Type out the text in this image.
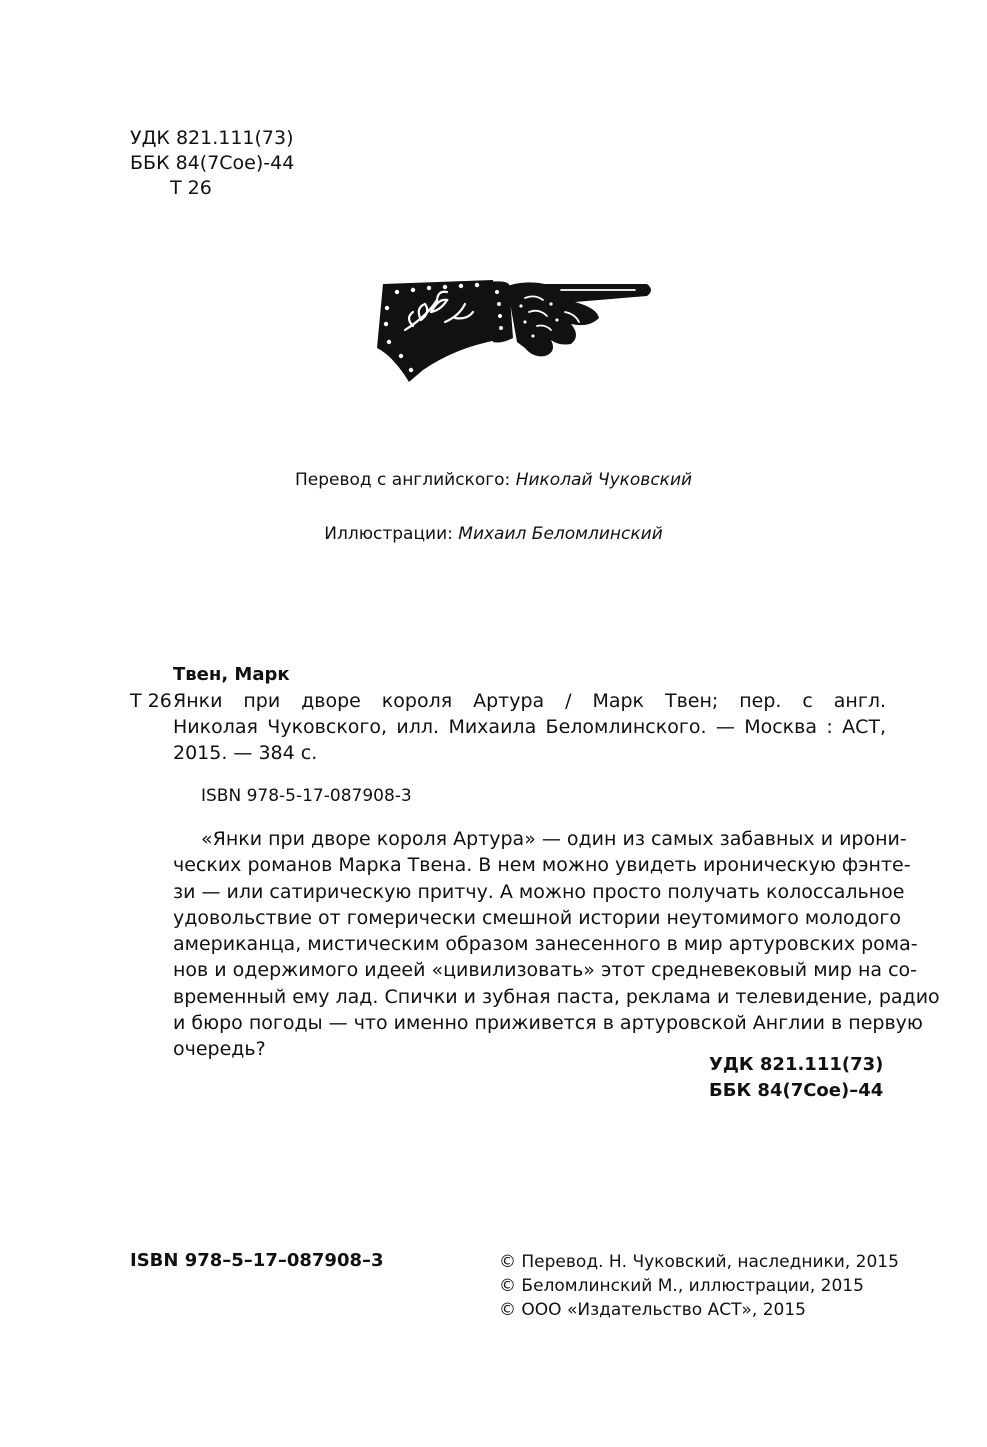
УДК 821.111(73)
ББК 84(7Сое)-44
Т 26
Перевод с английского: Николай Чуковский
Иллюстрации: Михаил Беломлинский
Твен, Марк
Т 26 Янки при дворе короля Артура / Марк Твен; пер. с англ.
Николая Чуковского, илл. Михаила Беломлинского. — Москва : АСТ,
2015. — 384 с.
ISBN 978-5-17-087908-3
«Янки при дворе короля Артура» — один из самых забавных и ирони-
ческих романов Марка Твена. В нем можно увидеть ироническую фэнте-
зи — или сатирическую притчу. А можно просто получать колоссальное
удовольствие от гомерически смешной истории неутомимого молодого
американца, мистическим образом занесенного в мир артуровских рома-
нов и одержимого идеей «цивилизовать» этот средневековый мир на со-
временный ему лад. Спички и зубная паста, реклама и телевидение, радио
и бюро погоды — что именно приживется в артуровской Англии в первую
очередь?
УДК 821.111(73)
ББК 84(7Сое)–44
ISBN 978–5–17–087908–3	© Перевод. Н. Чуковский, наследники, 2015
© Беломлинский М., иллюстрации, 2015
© ООО «Издательство АСТ», 2015
